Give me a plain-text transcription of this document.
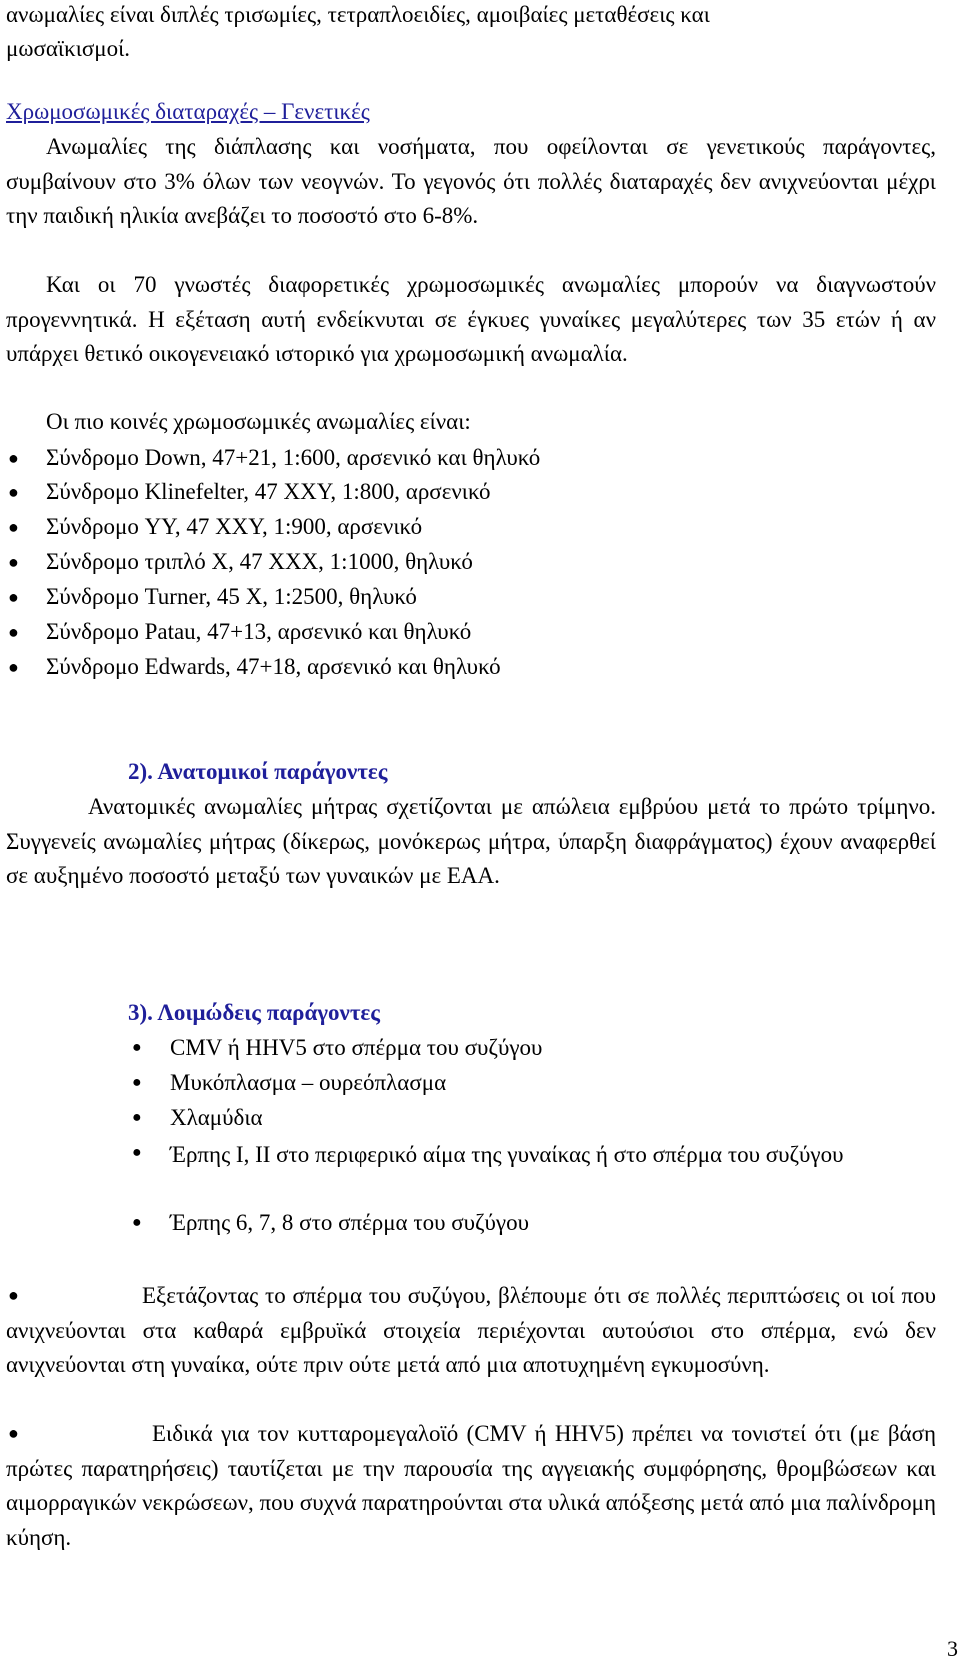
ανωμαλίες είναι διπλές τρισωμίες, τετραπλοειδίες, αμοιβαίες μεταθέσεις και
μωσαϊκισμοί.
Χρωμοσωμικές διαταραχές – Γενετικές
Ανωμαλίες της διάπλασης και νοσήματα, που οφείλονται σε γενετικούς παράγοντες, συμβαίνουν στο 3% όλων των νεογνών. Το γεγονός ότι πολλές διαταραχές δεν ανιχνεύονται μέχρι την παιδική ηλικία ανεβάζει το ποσοστό στο 6-8%.
Και οι 70 γνωστές διαφορετικές χρωμοσωμικές ανωμαλίες μπορούν να διαγνωστούν προγεννητικά. Η εξέταση αυτή ενδείκνυται σε έγκυες γυναίκες μεγαλύτερες των 35 ετών ή αν υπάρχει θετικό οικογενειακό ιστορικό για χρωμοσωμική ανωμαλία.
Οι πιο κοινές χρωμοσωμικές ανωμαλίες είναι:
● Σύνδρομο Down, 47+21, 1:600, αρσενικό και θηλυκό
● Σύνδρομο Klinefelter, 47 XXY, 1:800, αρσενικό
● Σύνδρομο YY, 47 XXY, 1:900, αρσενικό
● Σύνδρομο τριπλό X, 47 XXX, 1:1000, θηλυκό
● Σύνδρομο Turner, 45 X, 1:2500, θηλυκό
● Σύνδρομο Patau, 47+13, αρσενικό και θηλυκό
● Σύνδρομο Edwards, 47+18, αρσενικό και θηλυκό
2). Ανατομικοί παράγοντες
Ανατομικές ανωμαλίες μήτρας σχετίζονται με απώλεια εμβρύου μετά το πρώτο τρίμηνο. Συγγενείς ανωμαλίες μήτρας (δίκερως, μονόκερως μήτρα, ύπαρξη διαφράγματος) έχουν αναφερθεί σε αυξημένο ποσοστό μεταξύ των γυναικών με ΕΑΑ.
3). Λοιμώδεις παράγοντες
● CMV ή HHV5 στο σπέρμα του συζύγου
● Μυκόπλασμα – ουρεόπλασμα
● Χλαμύδια
● Έρπης Ι, ΙΙ στο περιφερικό αίμα της γυναίκας ή στο σπέρμα του συζύγου
● Έρπης 6, 7, 8 στο σπέρμα του συζύγου
●	Εξετάζοντας το σπέρμα του συζύγου, βλέπουμε ότι σε πολλές περιπτώσεις οι ιοί που ανιχνεύονται στα καθαρά εμβρυϊκά στοιχεία περιέχονται αυτούσιοι στο σπέρμα, ενώ δεν ανιχνεύονται στη γυναίκα, ούτε πριν ούτε μετά από μια αποτυχημένη εγκυμοσύνη.
●	Ειδικά για τον κυτταρομεγαλοϊό (CMV ή HHV5) πρέπει να τονιστεί ότι (με βάση πρώτες παρατηρήσεις) ταυτίζεται με την παρουσία της αγγειακής συμφόρησης, θρομβώσεων και αιμορραγικών νεκρώσεων, που συχνά παρατηρούνται στα υλικά απόξεσης μετά από μια παλίνδρομη κύηση.
3
